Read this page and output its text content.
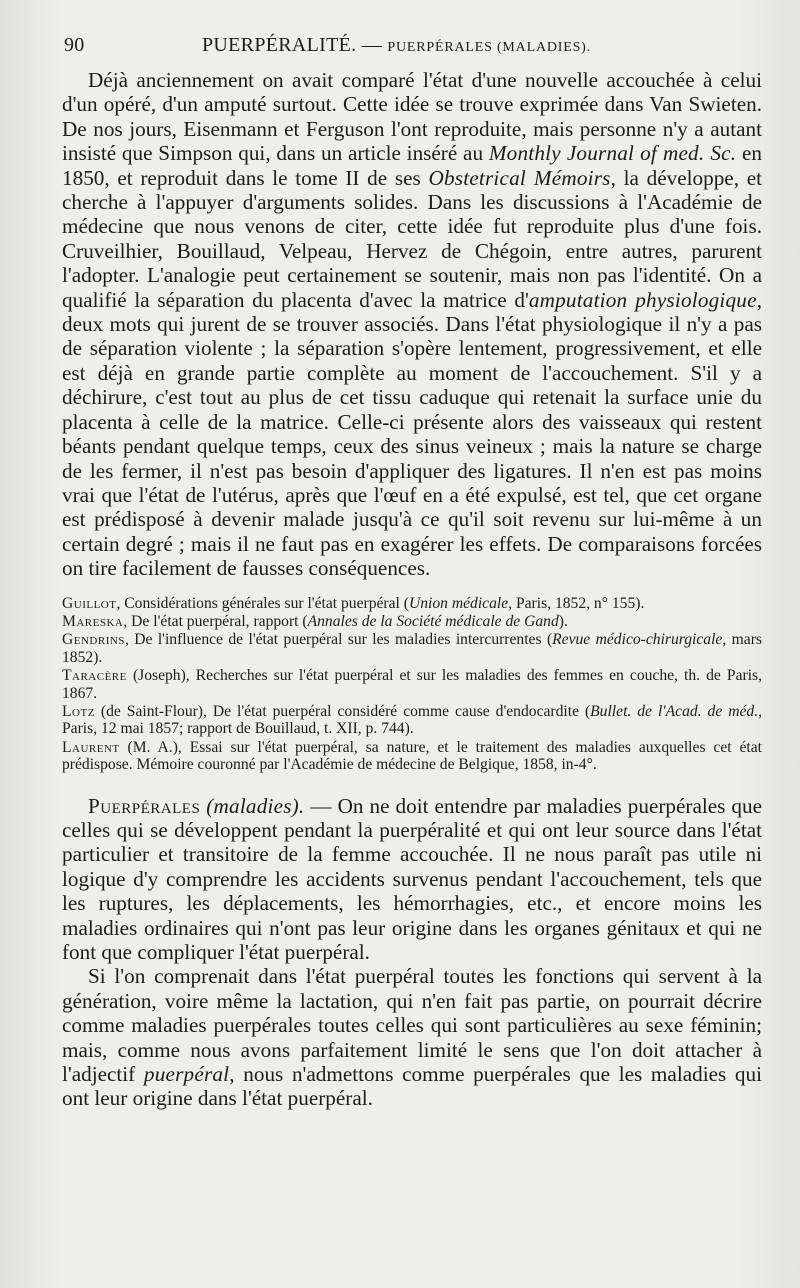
90	PUERPÉRALITÉ. — PUERPÉRALES (MALADIES).

Déjà anciennement on avait comparé l'état d'une nouvelle accouchée à celui d'un opéré, d'un amputé surtout. Cette idée se trouve exprimée dans Van Swieten. De nos jours, Eisenmann et Ferguson l'ont reproduite, mais personne n'y a autant insisté que Simpson qui, dans un article inséré au Monthly Journal of med. Sc. en 1850, et reproduit dans le tome II de ses Obstetrical Mémoirs, la développe, et cherche à l'appuyer d'arguments solides. Dans les discussions à l'Académie de médecine que nous venons de citer, cette idée fut reproduite plus d'une fois. Cruveilhier, Bouillaud, Velpeau, Hervez de Chégoin, entre autres, parurent l'adopter. L'analogie peut certainement se soutenir, mais non pas l'identité. On a qualifié la séparation du placenta d'avec la matrice d'amputation physiologique, deux mots qui jurent de se trouver associés. Dans l'état physiologique il n'y a pas de séparation violente ; la séparation s'opère lentement, progressivement, et elle est déjà en grande partie complète au moment de l'accouchement. S'il y a déchirure, c'est tout au plus de cet tissu caduque qui retenait la surface unie du placenta à celle de la matrice. Celle-ci présente alors des vaisseaux qui restent béants pendant quelque temps, ceux des sinus veineux ; mais la nature se charge de les fermer, il n'est pas besoin d'appliquer des ligatures. Il n'en est pas moins vrai que l'état de l'utérus, après que l'œuf en a été expulsé, est tel, que cet organe est prédisposé à devenir malade jusqu'à ce qu'il soit revenu sur lui-même à un certain degré ; mais il ne faut pas en exagérer les effets. De comparaisons forcées on tire facilement de fausses conséquences.

Guillot, Considérations générales sur l'état puerpéral (Union médicale, Paris, 1852, n° 155).

Mareska, De l'état puerpéral, rapport (Annales de la Société médicale de Gand).

Gendrins, De l'influence de l'état puerpéral sur les maladies intercurrentes (Revue médico-chirurgicale, mars 1852).

Taracère (Joseph), Recherches sur l'état puerpéral et sur les maladies des femmes en couche, th. de Paris, 1867.

Lotz (de Saint-Flour), De l'état puerpéral considéré comme cause d'endocardite (Bullet. de l'Acad. de méd., Paris, 12 mai 1857; rapport de Bouillaud, t. XII, p. 744).

Laurent (M. A.), Essai sur l'état puerpéral, sa nature, et le traitement des maladies auxquelles cet état prédispose. Mémoire couronné par l'Académie de médecine de Belgique, 1858, in-4°.

Puerpérales (maladies). — On ne doit entendre par maladies puerpérales que celles qui se développent pendant la puerpéralité et qui ont leur source dans l'état particulier et transitoire de la femme accouchée. Il ne nous paraît pas utile ni logique d'y comprendre les accidents survenus pendant l'accouchement, tels que les ruptures, les déplacements, les hémorrhagies, etc., et encore moins les maladies ordinaires qui n'ont pas leur origine dans les organes génitaux et qui ne font que compliquer l'état puerpéral.

Si l'on comprenait dans l'état puerpéral toutes les fonctions qui servent à la génération, voire même la lactation, qui n'en fait pas partie, on pourrait décrire comme maladies puerpérales toutes celles qui sont particulières au sexe féminin; mais, comme nous avons parfaitement limité le sens que l'on doit attacher à l'adjectif puerpéral, nous n'admettons comme puerpérales que les maladies qui ont leur origine dans l'état puerpéral.
